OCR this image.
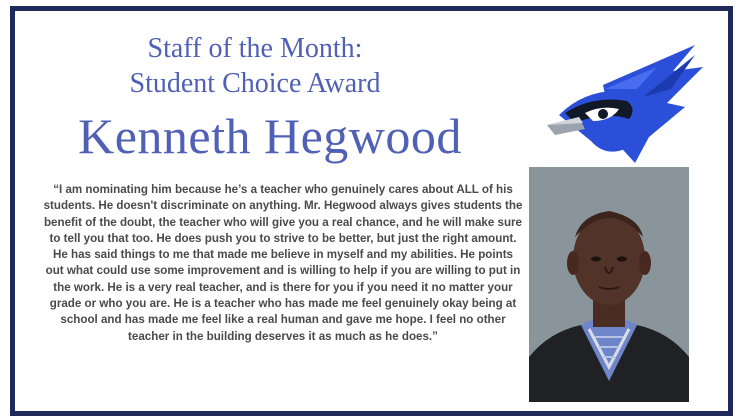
Staff of the Month:
Student Choice Award
Kenneth Hegwood
“I am nominating him because he’s a teacher who genuinely cares about ALL of his students. He doesn't discriminate on anything. Mr. Hegwood always gives students the benefit of the doubt, the teacher who will give you a real chance, and he will make sure to tell you that too. He does push you to strive to be better, but just the right amount. He has said things to me that made me believe in myself and my abilities. He points out what could use some improvement and is willing to help if you are willing to put in the work. He is a very real teacher, and is there for you if you need it no matter your grade or who you are. He is a teacher who has made me feel genuinely okay being at school and has made me feel like a real human and gave me hope. I feel no other teacher in the building deserves it as much as he does.”
